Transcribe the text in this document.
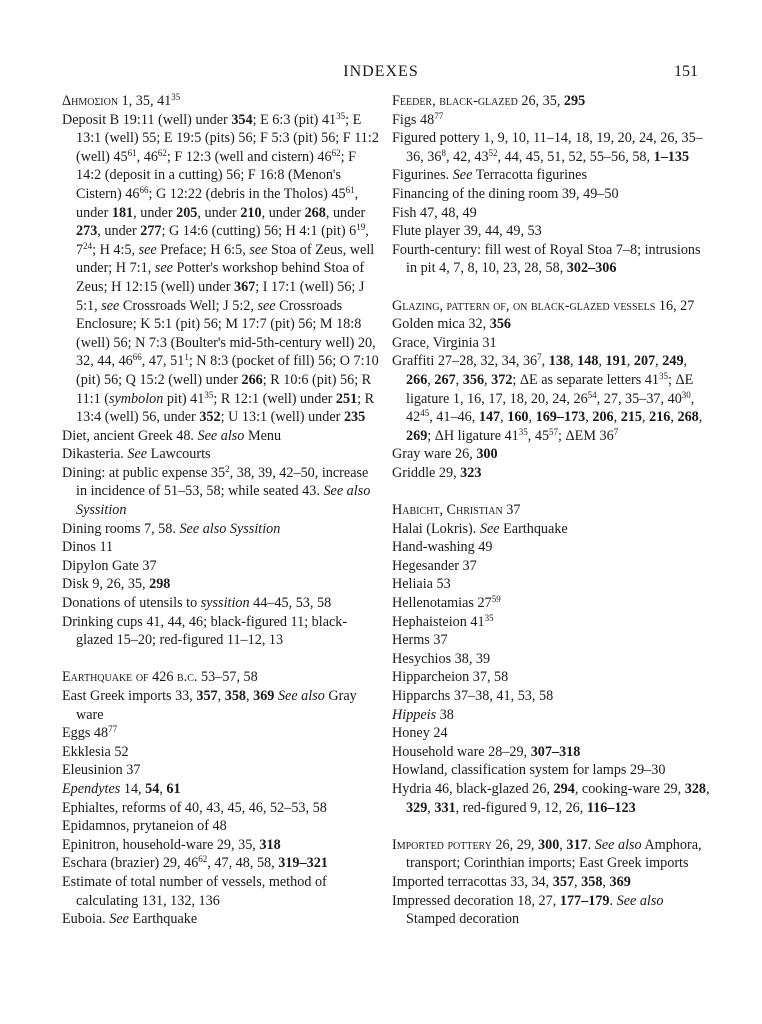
INDEXES	151
Δημοσιον 1, 35, $41^{35}$
Deposit B 19:11 (well) under 354; E 6:3 (pit) $41^{35}$; E 13:1 (well) 55; E 19:5 (pits) 56; F 5:3 (pit) 56; F 11:2 (well) $45^{61}$, $46^{62}$; F 12:3 (well and cistern) $46^{62}$; F 14:2 (deposit in a cutting) 56; F 16:8 (Menon's Cistern) $46^{66}$; G 12:22 (debris in the Tholos) $45^{61}$, under 181, under 205, under 210, under 268, under 273, under 277; G 14:6 (cutting) 56; H 4:1 (pit) $6^{19}$, $7^{24}$; H 4:5, see Preface; H 6:5, see Stoa of Zeus, well under; H 7:1, see Potter's workshop behind Stoa of Zeus; H 12:15 (well) under 367; I 17:1 (well) 56; J 5:1, see Crossroads Well; J 5:2, see Crossroads Enclosure; K 5:1 (pit) 56; M 17:7 (pit) 56; M 18:8 (well) 56; N 7:3 (Boulter's mid-5th-century well) 20, 32, 44, $46^{66}$, 47, $51^1$; N 8:3 (pocket of fill) 56; O 7:10 (pit) 56; Q 15:2 (well) under 266; R 10:6 (pit) 56; R 11:1 (symbolon pit) $41^{35}$; R 12:1 (well) under 251; R 13:4 (well) 56, under 352; U 13:1 (well) under 235
Diet, ancient Greek 48. See also Menu
Dikasteria. See Lawcourts
Dining: at public expense $35^2$, 38, 39, 42–50, increase in incidence of 51–53, 58; while seated 43. See also Syssition
Dining rooms 7, 58. See also Syssition
Dinos 11
Dipylon Gate 37
Disk 9, 26, 35, 298
Donations of utensils to syssition 44–45, 53, 58
Drinking cups 41, 44, 46; black-figured 11; black-glazed 15–20; red-figured 11–12, 13
Earthquake of 426 b.c. 53–57, 58
East Greek imports 33, 357, 358, 369 See also Gray ware
Eggs $48^{77}$
Ekklesia 52
Eleusinion 37
Ependytes 14, 54, 61
Ephialtes, reforms of 40, 43, 45, 46, 52–53, 58
Epidamnos, prytaneion of 48
Epinitron, household-ware 29, 35, 318
Eschara (brazier) 29, $46^{62}$, 47, 48, 58, 319–321
Estimate of total number of vessels, method of calculating 131, 132, 136
Euboia. See Earthquake
Feeder, black-glazed 26, 35, 295
Figs $48^{77}$
Figured pottery 1, 9, 10, 11–14, 18, 19, 20, 24, 26, 35–36, $36^8$, 42, $43^{52}$, 44, 45, 51, 52, 55–56, 58, 1–135
Figurines. See Terracotta figurines
Financing of the dining room 39, 49–50
Fish 47, 48, 49
Flute player 39, 44, 49, 53
Fourth-century: fill west of Royal Stoa 7–8; intrusions in pit 4, 7, 8, 10, 23, 28, 58, 302–306
Glazing, pattern of, on black-glazed vessels 16, 27
Golden mica 32, 356
Grace, Virginia 31
Graffiti 27–28, 32, 34, $36^7$, 138, 148, 191, 207, 249, 266, 267, 356, 372; ΔΕ as separate letters $41^{35}$; ΔΕ ligature 1, 16, 17, 18, 20, 24, $26^{54}$, 27, 35–37, $40^{30}$, $42^{45}$, 41–46, 147, 160, 169–173, 206, 215, 216, 268, 269; ΔΗ ligature $41^{35}$, $45^{57}$; ΔΕΜ $36^7$
Gray ware 26, 300
Griddle 29, 323
Habicht, Christian 37
Halai (Lokris). See Earthquake
Hand-washing 49
Hegesander 37
Heliaia 53
Hellenotamias $27^{59}$
Hephaisteion $41^{35}$
Herms 37
Hesychios 38, 39
Hipparcheion 37, 58
Hipparchs 37–38, 41, 53, 58
Hippeis 38
Honey 24
Household ware 28–29, 307–318
Howland, classification system for lamps 29–30
Hydria 46, black-glazed 26, 294, cooking-ware 29, 328, 329, 331, red-figured 9, 12, 26, 116–123
Imported pottery 26, 29, 300, 317. See also Amphora, transport; Corinthian imports; East Greek imports
Imported terracottas 33, 34, 357, 358, 369
Impressed decoration 18, 27, 177–179. See also Stamped decoration
